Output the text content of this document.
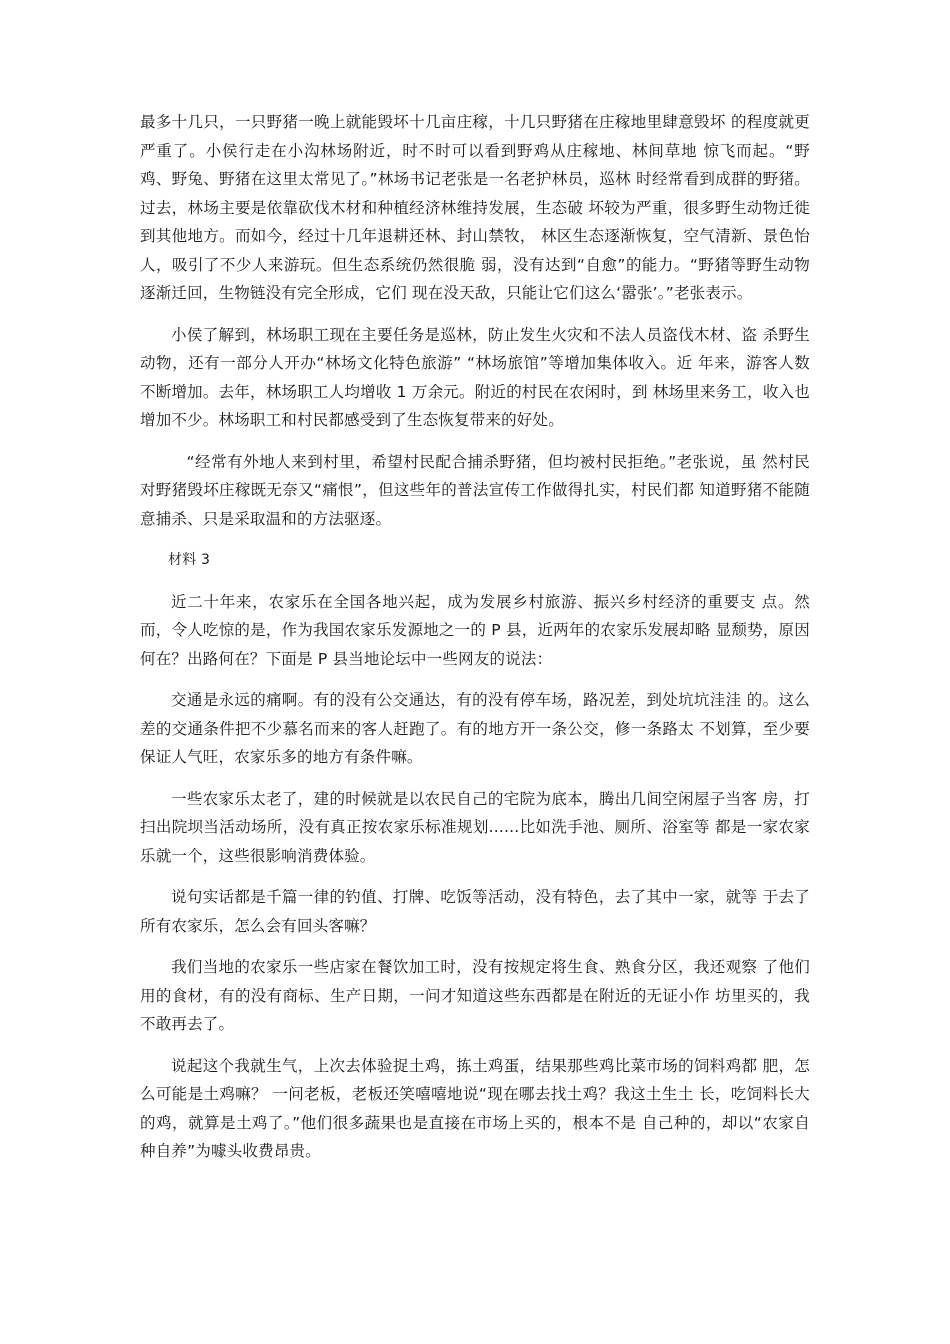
最多十几只，一只野猪一晚上就能毁坏十几亩庄稼，十几只野猪在庄稼地里肆意毁坏 的程度就更严重了。小侯行走在小沟林场附近，时不时可以看到野鸡从庄稼地、林间草地 惊飞而起。“野鸡、野兔、野猪在这里太常见了。”林场书记老张是一名老护林员，巡林 时经常看到成群的野猪。过去，林场主要是依靠砍伐木材和种植经济林维持发展，生态破 坏较为严重，很多野生动物迁徙到其他地方。而如今，经过十几年退耕还林、封山禁牧， 林区生态逐渐恢复，空气清新、景色怡人，吸引了不少人来游玩。但生态系统仍然很脆 弱，没有达到“自愈”的能力。“野猪等野生动物逐渐迁回，生物链没有完全形成，它们 现在没天敌，只能让它们这么‘嚣张’。”老张表示。

小侯了解到，林场职工现在主要任务是巡林，防止发生火灾和不法人员盗伐木材、盗 杀野生动物，还有一部分人开办“林场文化特色旅游” “林场旅馆”等增加集体收入。近 年来，游客人数不断增加。去年，林场职工人均增收 1 万余元。附近的村民在农闲时，到 林场里来务工，收入也增加不少。林场职工和村民都感受到了生态恢复带来的好处。

“经常有外地人来到村里，希望村民配合捕杀野猪，但均被村民拒绝。”老张说，虽 然村民对野猪毁坏庄稼既无奈又“痛恨”，但这些年的普法宣传工作做得扎实，村民们都 知道野猪不能随意捕杀、只是采取温和的方法驱逐。

材料 3

近二十年来，农家乐在全国各地兴起，成为发展乡村旅游、振兴乡村经济的重要支 点。然而，令人吃惊的是，作为我国农家乐发源地之一的 P 县，近两年的农家乐发展却略 显颓势，原因何在？出路何在？下面是 P 县当地论坛中一些网友的说法：

交通是永远的痛啊。有的没有公交通达，有的没有停车场，路况差，到处坑坑洼洼 的。这么差的交通条件把不少慕名而来的客人赶跑了。有的地方开一条公交，修一条路太 不划算，至少要保证人气旺，农家乐多的地方有条件嘛。

一些农家乐太老了，建的时候就是以农民自己的宅院为底本，腾出几间空闲屋子当客 房，打扫出院坝当活动场所，没有真正按农家乐标准规划......比如洗手池、厕所、浴室等 都是一家农家乐就一个，这些很影响消费体验。

说句实话都是千篇一律的钓值、打牌、吃饭等活动，没有特色，去了其中一家，就等 于去了所有农家乐，怎么会有回头客嘛？

我们当地的农家乐一些店家在餐饮加工时，没有按规定将生食、熟食分区，我还观察 了他们用的食材，有的没有商标、生产日期，一问才知道这些东西都是在附近的无证小作 坊里买的，我不敢再去了。

说起这个我就生气，上次去体验捉土鸡，拣土鸡蛋，结果那些鸡比菜市场的饲料鸡都 肥，怎么可能是土鸡嘛？ 一问老板，老板还笑嘻嘻地说“现在哪去找土鸡？我这土生土 长，吃饲料长大的鸡，就算是土鸡了。”他们很多蔬果也是直接在市场上买的，根本不是 自己种的，却以“农家自种自养”为噱头收费昂贵。
